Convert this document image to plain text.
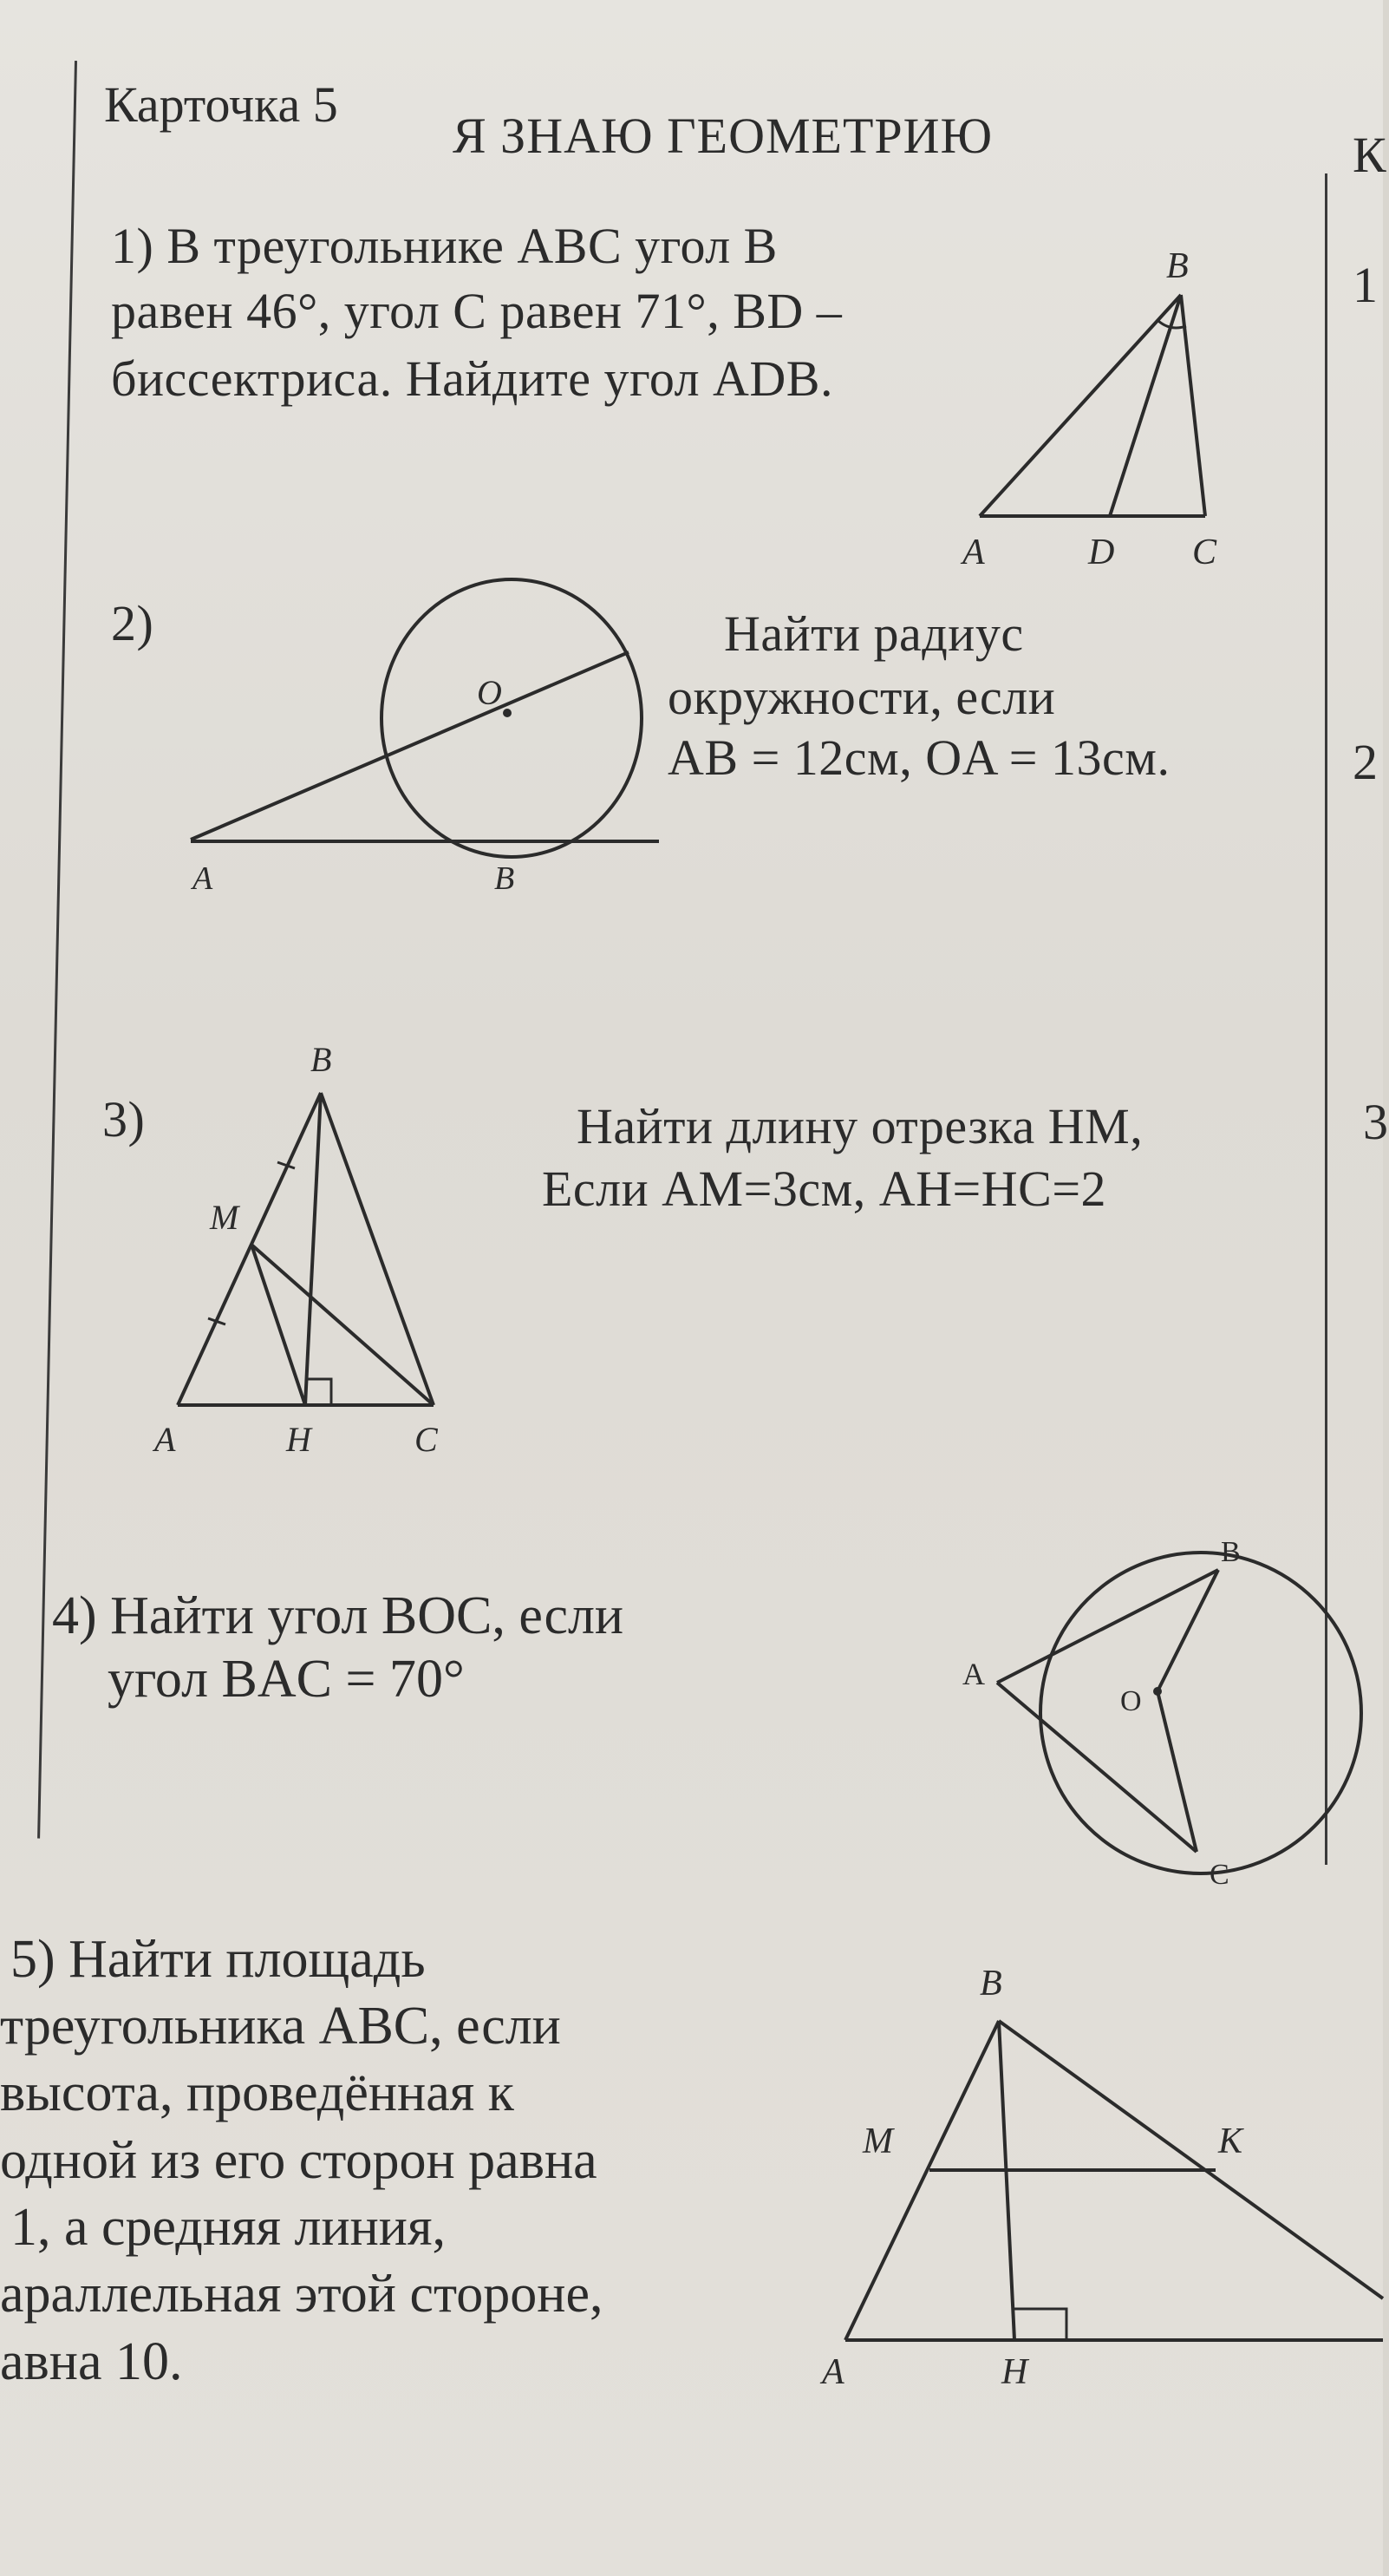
Карточка 5
Я ЗНАЮ ГЕОМЕТРИЮ	К
1
2
3
1) В треугольнике ABC угол B
равен 46°, угол C равен 71°, BD –
биссектриса. Найдите угол ADB.
B
A	D C
2)	Найти радиус
окружности, если
AB = 12см, OA = 13см.
O
A	B
3)	Найти длину отрезка HM,
Если AM=3см, AH=HC=2
B
M
A	H	C
4) Найти угол BOC, если
угол BAC = 70°
B
A
O
C
5) Найти площадь
треугольника ABC, если
высота, проведённая к
одной из его сторон равна
1, а средняя линия,
араллельная этой стороне,
авна 10.
B
M	K
A	H
